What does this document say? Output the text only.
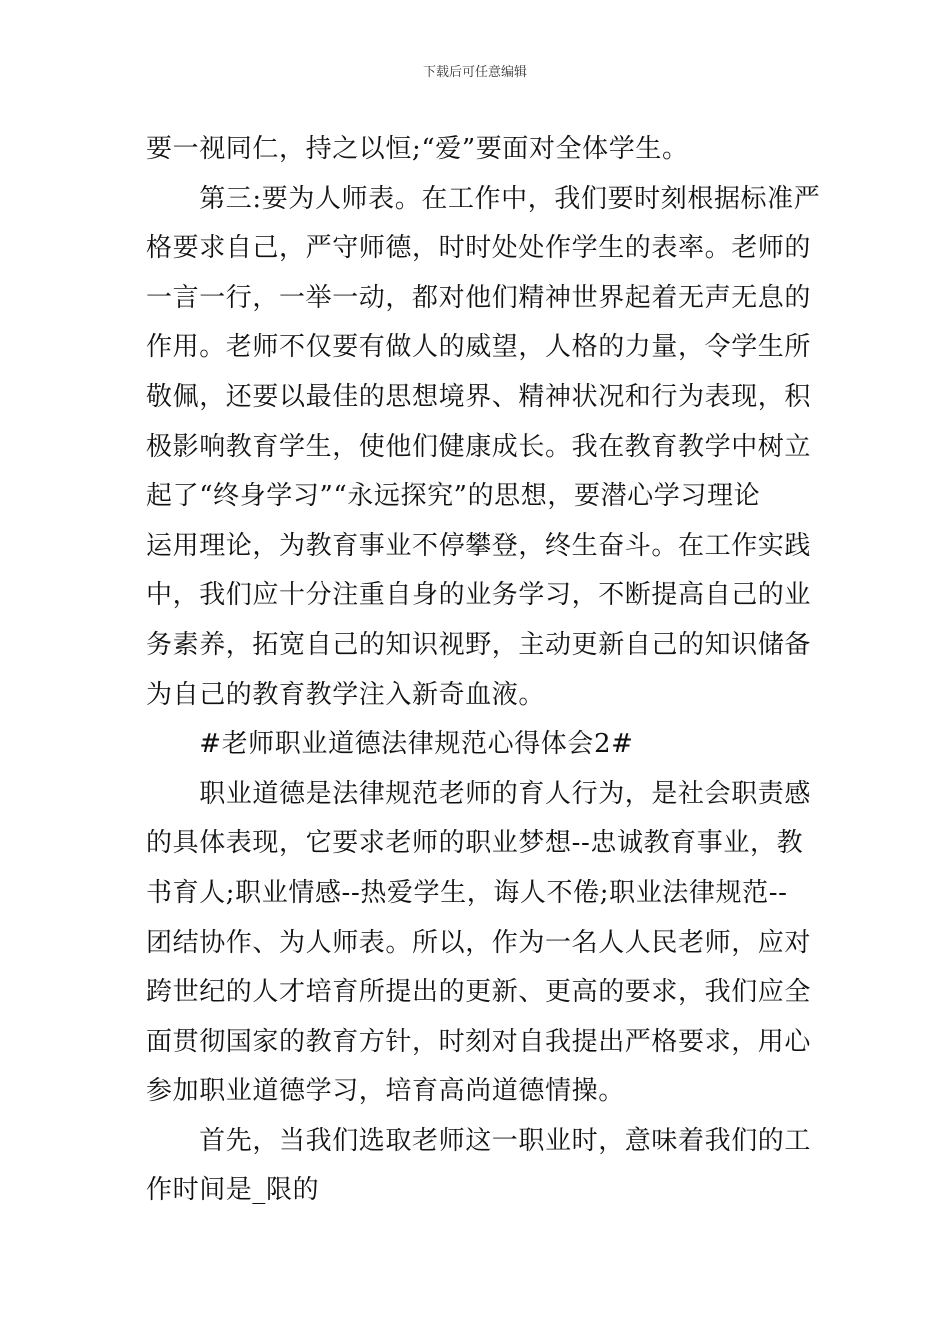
下载后可任意编辑
要一视同仁，持之以恒;“爱”要面对全体学生。
　　第三:要为人师表。在工作中，我们要时刻根据标准严
格要求自己，严守师德，时时处处作学生的表率。老师的
一言一行，一举一动，都对他们精神世界起着无声无息的
作用。老师不仅要有做人的威望，人格的力量，令学生所
敬佩，还要以最佳的思想境界、精神状况和行为表现，积
极影响教育学生，使他们健康成长。我在教育教学中树立
起了“终身学习”“永远探究”的思想，要潜心学习理论
运用理论，为教育事业不停攀登，终生奋斗。在工作实践
中，我们应十分注重自身的业务学习，不断提高自己的业
务素养，拓宽自己的知识视野，主动更新自己的知识储备
为自己的教育教学注入新奇血液。
　　#老师职业道德法律规范心得体会2#
　　职业道德是法律规范老师的育人行为，是社会职责感
的具体表现，它要求老师的职业梦想--忠诚教育事业，教
书育人;职业情感--热爱学生，诲人不倦;职业法律规范--
团结协作、为人师表。所以，作为一名人人民老师，应对
跨世纪的人才培育所提出的更新、更高的要求，我们应全
面贯彻国家的教育方针，时刻对自我提出严格要求，用心
参加职业道德学习，培育高尚道德情操。
　　首先，当我们选取老师这一职业时，意味着我们的工
作时间是_限的
